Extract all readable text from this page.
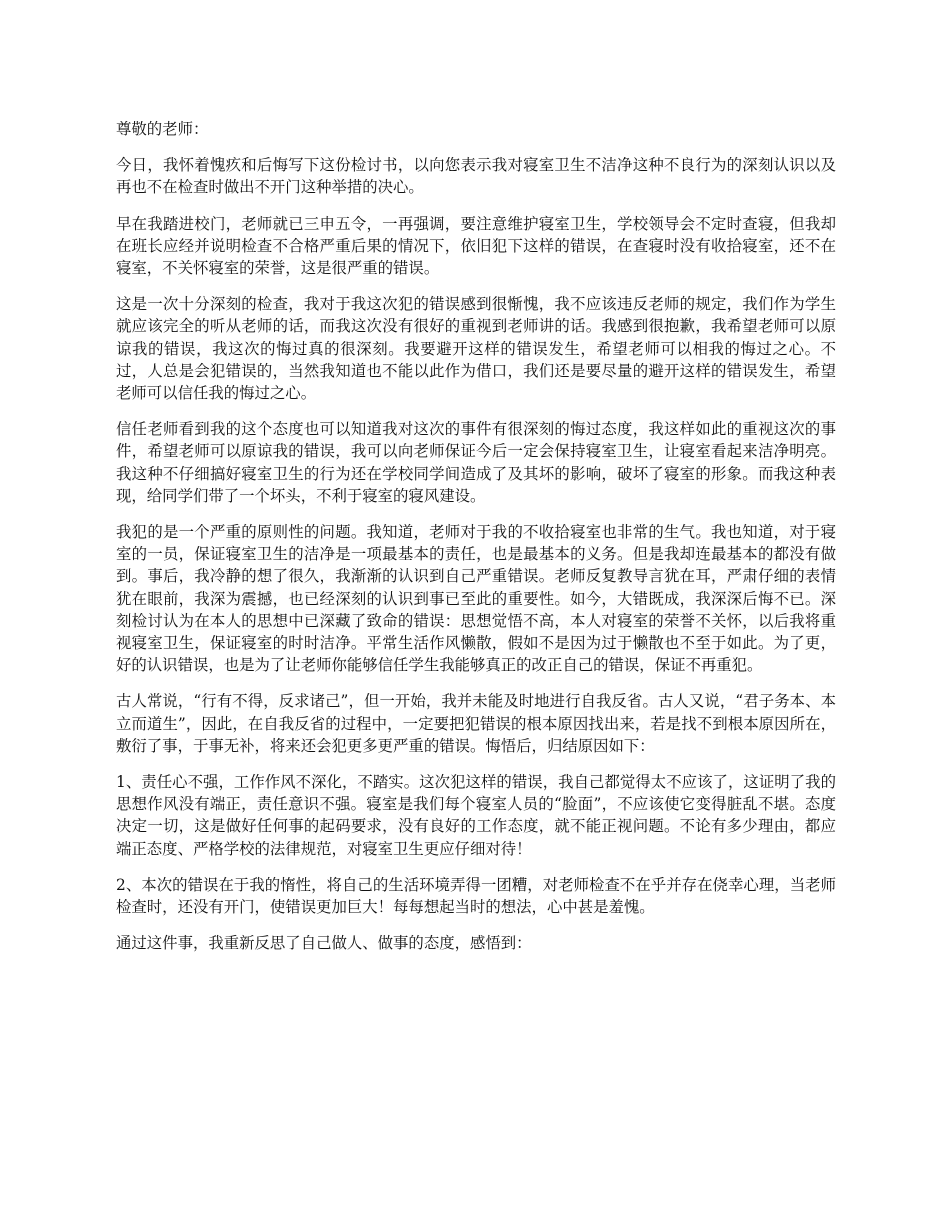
尊敬的老师：

今日，我怀着愧疚和后悔写下这份检讨书，以向您表示我对寝室卫生不洁净这种不良行为的深刻认识以及再也不在检查时做出不开门这种举措的决心。

早在我踏进校门，老师就已三申五令，一再强调，要注意维护寝室卫生，学校领导会不定时查寝，但我却在班长应经并说明检查不合格严重后果的情况下，依旧犯下这样的错误，在查寝时没有收拾寝室，还不在寝室，不关怀寝室的荣誉，这是很严重的错误。

这是一次十分深刻的检查，我对于我这次犯的错误感到很惭愧，我不应该违反老师的规定，我们作为学生就应该完全的听从老师的话，而我这次没有很好的重视到老师讲的话。我感到很抱歉，我希望老师可以原谅我的错误，我这次的悔过真的很深刻。我要避开这样的错误发生，希望老师可以相我的悔过之心。不过，人总是会犯错误的，当然我知道也不能以此作为借口，我们还是要尽量的避开这样的错误发生，希望老师可以信任我的悔过之心。

信任老师看到我的这个态度也可以知道我对这次的事件有很深刻的悔过态度，我这样如此的重视这次的事件，希望老师可以原谅我的错误，我可以向老师保证今后一定会保持寝室卫生，让寝室看起来洁净明亮。我这种不仔细搞好寝室卫生的行为还在学校同学间造成了及其坏的影响，破坏了寝室的形象。而我这种表现，给同学们带了一个坏头，不利于寝室的寝风建设。

我犯的是一个严重的原则性的问题。我知道，老师对于我的不收拾寝室也非常的生气。我也知道，对于寝室的一员，保证寝室卫生的洁净是一项最基本的责任，也是最基本的义务。但是我却连最基本的都没有做到。事后，我冷静的想了很久，我渐渐的认识到自己严重错误。老师反复教导言犹在耳，严肃仔细的表情犹在眼前，我深为震撼，也已经深刻的认识到事已至此的重要性。如今，大错既成，我深深后悔不已。深刻检讨认为在本人的思想中已深藏了致命的错误：思想觉悟不高，本人对寝室的荣誉不关怀，以后我将重视寝室卫生，保证寝室的时时洁净。平常生活作风懒散，假如不是因为过于懒散也不至于如此。为了更，好的认识错误，也是为了让老师你能够信任学生我能够真正的改正自己的错误，保证不再重犯。

古人常说，“行有不得，反求诸己”，但一开始，我并未能及时地进行自我反省。古人又说，“君子务本、本立而道生”，因此，在自我反省的过程中，一定要把犯错误的根本原因找出来，若是找不到根本原因所在，敷衍了事，于事无补，将来还会犯更多更严重的错误。悔悟后，归结原因如下：

1、责任心不强，工作作风不深化，不踏实。这次犯这样的错误，我自己都觉得太不应该了，这证明了我的思想作风没有端正，责任意识不强。寝室是我们每个寝室人员的“脸面”，不应该使它变得脏乱不堪。态度决定一切，这是做好任何事的起码要求，没有良好的工作态度，就不能正视问题。不论有多少理由，都应端正态度、严格学校的法律规范，对寝室卫生更应仔细对待！

2、本次的错误在于我的惰性，将自己的生活环境弄得一团糟，对老师检查不在乎并存在侥幸心理，当老师检查时，还没有开门，使错误更加巨大！每每想起当时的想法，心中甚是羞愧。

通过这件事，我重新反思了自己做人、做事的态度，感悟到：
